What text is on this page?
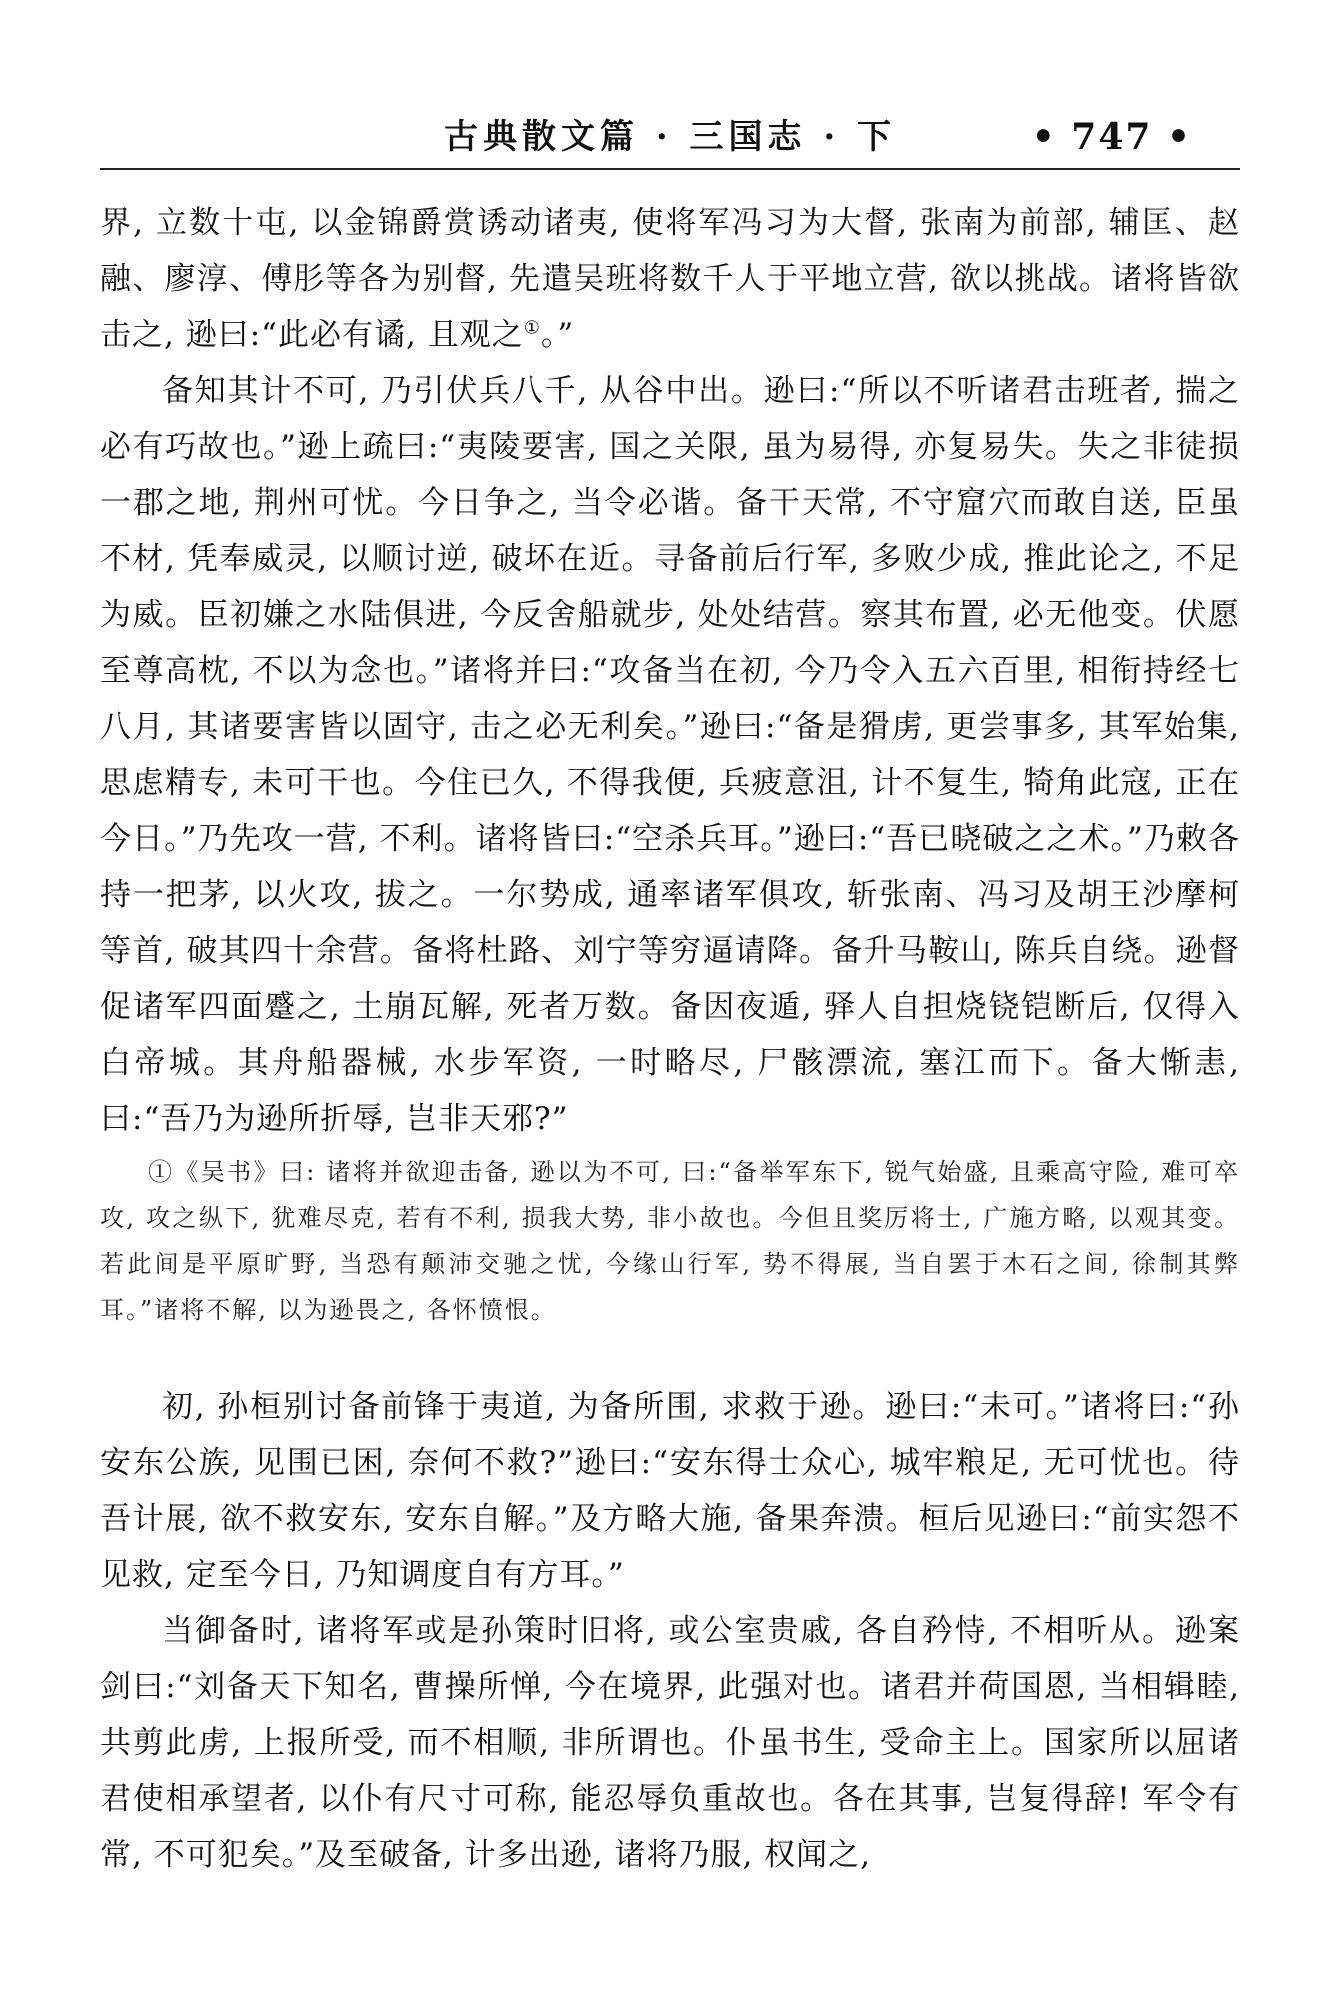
古典散文篇 · 三国志 · 下	• 747 •

界, 立数十屯, 以金锦爵赏诱动诸夷, 使将军冯习为大督, 张南为前部, 辅匡、赵融、廖淳、傅肜等各为别督, 先遣吴班将数千人于平地立营, 欲以挑战。诸将皆欲击之, 逊曰:“此必有谲, 且观之①。”

备知其计不可, 乃引伏兵八千, 从谷中出。逊曰:“所以不听诸君击班者, 揣之必有巧故也。”逊上疏曰:“夷陵要害, 国之关限, 虽为易得, 亦复易失。失之非徒损一郡之地, 荆州可忧。今日争之, 当令必谐。备干天常, 不守窟穴而敢自送, 臣虽不材, 凭奉威灵, 以顺讨逆, 破坏在近。寻备前后行军, 多败少成, 推此论之, 不足为威。臣初嫌之水陆俱进, 今反舍船就步, 处处结营。察其布置, 必无他变。伏愿至尊高枕, 不以为念也。”诸将并曰:“攻备当在初, 今乃令入五六百里, 相衔持经七八月, 其诸要害皆以固守, 击之必无利矣。”逊曰:“备是猾虏, 更尝事多, 其军始集, 思虑精专, 未可干也。今住已久, 不得我便, 兵疲意沮, 计不复生, 犄角此寇, 正在今日。”乃先攻一营, 不利。诸将皆曰:“空杀兵耳。”逊曰:“吾已晓破之之术。”乃敕各持一把茅, 以火攻, 拔之。一尔势成, 通率诸军俱攻, 斩张南、冯习及胡王沙摩柯等首, 破其四十余营。备将杜路、刘宁等穷逼请降。备升马鞍山, 陈兵自绕。逊督促诸军四面蹙之, 土崩瓦解, 死者万数。备因夜遁, 驿人自担烧铙铠断后, 仅得入白帝城。其舟船器械, 水步军资, 一时略尽, 尸骸漂流, 塞江而下。备大惭恚, 曰:“吾乃为逊所折辱, 岂非天邪?”

①《吴书》曰: 诸将并欲迎击备, 逊以为不可, 曰:“备举军东下, 锐气始盛, 且乘高守险, 难可卒攻, 攻之纵下, 犹难尽克, 若有不利, 损我大势, 非小故也。今但且奖厉将士, 广施方略, 以观其变。若此间是平原旷野, 当恐有颠沛交驰之忧, 今缘山行军, 势不得展, 当自罢于木石之间, 徐制其弊耳。”诸将不解, 以为逊畏之, 各怀愤恨。

初, 孙桓别讨备前锋于夷道, 为备所围, 求救于逊。逊曰:“未可。”诸将曰:“孙安东公族, 见围已困, 奈何不救?”逊曰:“安东得士众心, 城牢粮足, 无可忧也。待吾计展, 欲不救安东, 安东自解。”及方略大施, 备果奔溃。桓后见逊曰:“前实怨不见救, 定至今日, 乃知调度自有方耳。”

当御备时, 诸将军或是孙策时旧将, 或公室贵戚, 各自矜恃, 不相听从。逊案剑曰:“刘备天下知名, 曹操所惮, 今在境界, 此强对也。诸君并荷国恩, 当相辑睦, 共剪此虏, 上报所受, 而不相顺, 非所谓也。仆虽书生, 受命主上。国家所以屈诸君使相承望者, 以仆有尺寸可称, 能忍辱负重故也。各在其事, 岂复得辞! 军令有常, 不可犯矣。”及至破备, 计多出逊, 诸将乃服, 权闻之,
